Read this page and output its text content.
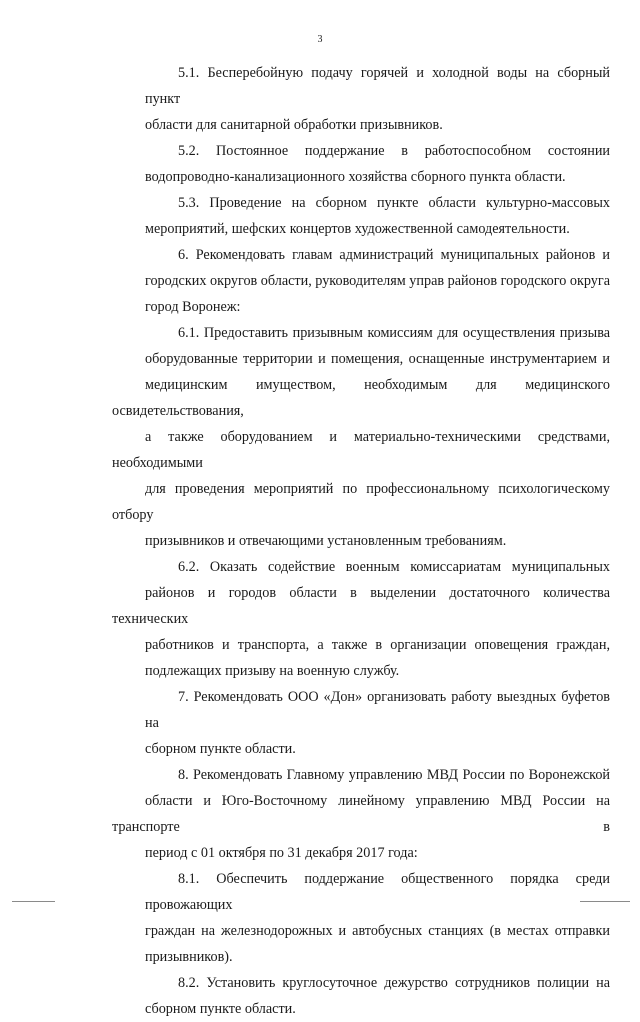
3
5.1. Бесперебойную подачу горячей и холодной воды на сборный пункт
области для санитарной обработки призывников.
5.2. Постоянное поддержание в работоспособном состоянии
водопроводно-канализационного хозяйства сборного пункта области.
5.3. Проведение на сборном пункте области культурно-массовых
мероприятий, шефских концертов художественной самодеятельности.
6. Рекомендовать главам администраций муниципальных районов и
городских округов области, руководителям управ районов городского округа
город Воронеж:
6.1. Предоставить призывным комиссиям для осуществления призыва
оборудованные территории и помещения, оснащенные инструментарием и
медицинским имуществом, необходимым для медицинского освидетельствования,
а также оборудованием и материально-техническими средствами, необходимыми
для проведения мероприятий по профессиональному психологическому отбору
призывников и отвечающими установленным требованиям.
6.2. Оказать содействие военным комиссариатам муниципальных
районов и городов области в выделении достаточного количества технических
работников и транспорта, а также в организации оповещения граждан,
подлежащих призыву на военную службу.
7. Рекомендовать ООО «Дон» организовать работу выездных буфетов на
сборном пункте области.
8. Рекомендовать Главному управлению МВД России по Воронежской
области и Юго-Восточному линейному управлению МВД России на транспорте в
период с 01 октября по 31 декабря 2017 года:
8.1. Обеспечить поддержание общественного порядка среди провожающих
граждан на железнодорожных и автобусных станциях (в местах отправки
призывников).
8.2. Установить круглосуточное дежурство сотрудников полиции на
сборном пункте области.
